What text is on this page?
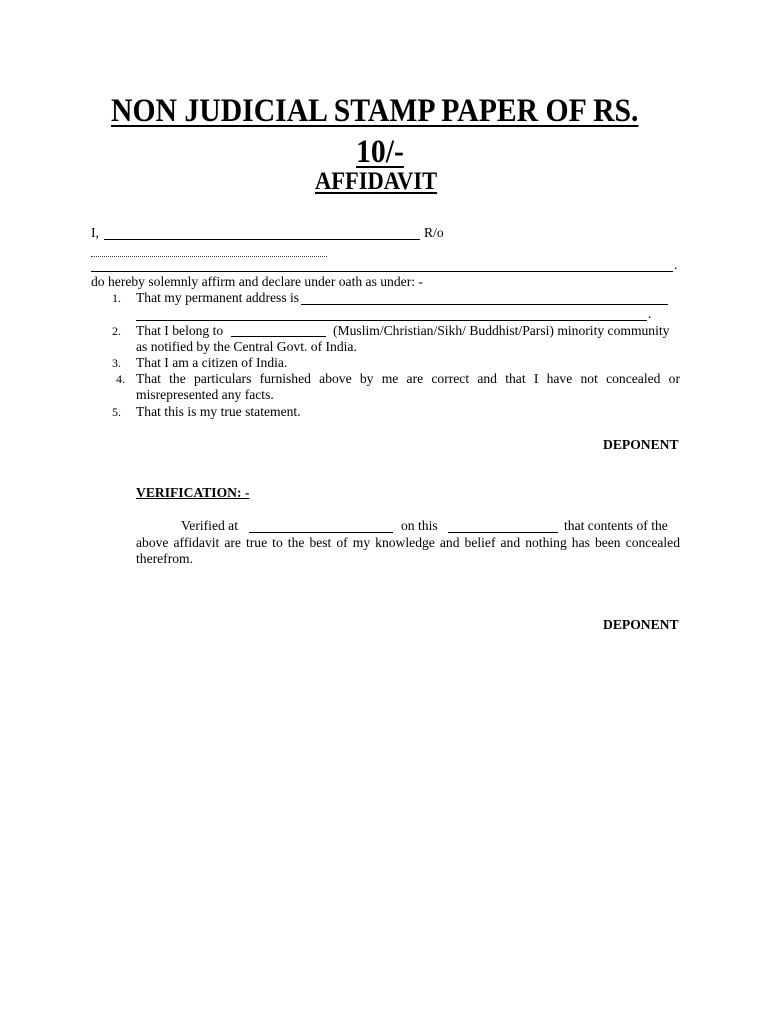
NON JUDICIAL STAMP PAPER OF RS.
10/-
AFFIDAVIT
I,	R/o
.
do hereby solemnly affirm and declare under oath as under: -
1. That my permanent address is
.
2. That I belong to	(Muslim/Christian/Sikh/ Buddhist/Parsi) minority community
as notified by the Central Govt. of India.
3. That I am a citizen of India.
4. That the particulars furnished above by me are correct and that I have not concealed or
misrepresented any facts.
5. That this is my true statement.
DEPONENT
VERIFICATION: -
Verified at	on this	that contents of the
above affidavit are true to the best of my knowledge and belief and nothing has been concealed
therefrom.
DEPONENT
